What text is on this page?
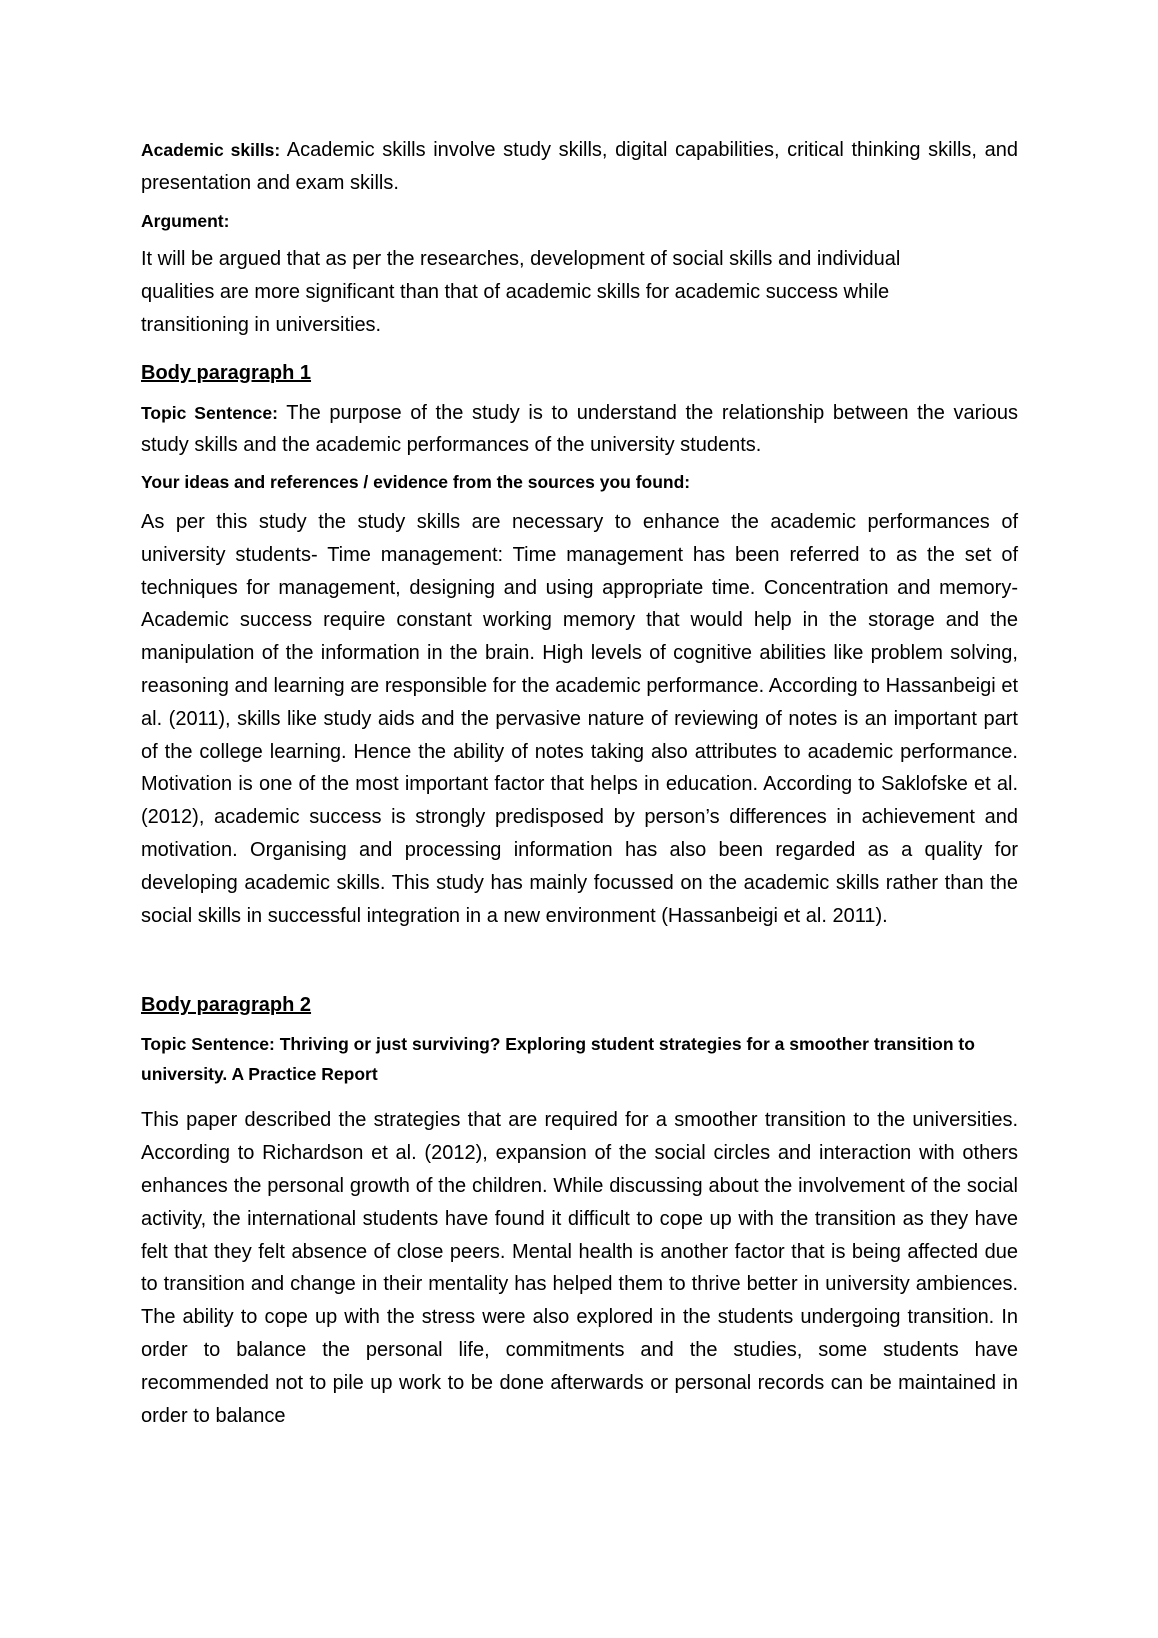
Academic skills: Academic skills involve study skills, digital capabilities, critical thinking skills, and presentation and exam skills.

Argument:

It will be argued that as per the researches, development of social skills and individual qualities are more significant than that of academic skills for academic success while transitioning in universities.

Body paragraph 1

Topic Sentence: The purpose of the study is to understand the relationship between the various study skills and the academic performances of the university students.

Your ideas and references / evidence from the sources you found:

As per this study the study skills are necessary to enhance the academic performances of university students- Time management: Time management has been referred to as the set of techniques for management, designing and using appropriate time. Concentration and memory- Academic success require constant working memory that would help in the storage and the manipulation of the information in the brain. High levels of cognitive abilities like problem solving, reasoning and learning are responsible for the academic performance. According to Hassanbeigi et al. (2011), skills like study aids and the pervasive nature of reviewing of notes is an important part of the college learning. Hence the ability of notes taking also attributes to academic performance. Motivation is one of the most important factor that helps in education. According to Saklofske et al.(2012), academic success is strongly predisposed by person’s differences in achievement and motivation. Organising and processing information has also been regarded as a quality for developing academic skills. This study has mainly focussed on the academic skills rather than the social skills in successful integration in a new environment (Hassanbeigi et al. 2011).

Body paragraph 2

Topic Sentence: Thriving or just surviving? Exploring student strategies for a smoother transition to university. A Practice Report

This paper described the strategies that are required for a smoother transition to the universities. According to Richardson et al. (2012), expansion of the social circles and interaction with others enhances the personal growth of the children. While discussing about the involvement of the social activity, the international students have found it difficult to cope up with the transition as they have felt that they felt absence of close peers. Mental health is another factor that is being affected due to transition and change in their mentality has helped them to thrive better in university ambiences. The ability to cope up with the stress were also explored in the students undergoing transition. In order to balance the personal life, commitments and the studies, some students have recommended not to pile up work to be done afterwards or personal records can be maintained in order to balance
